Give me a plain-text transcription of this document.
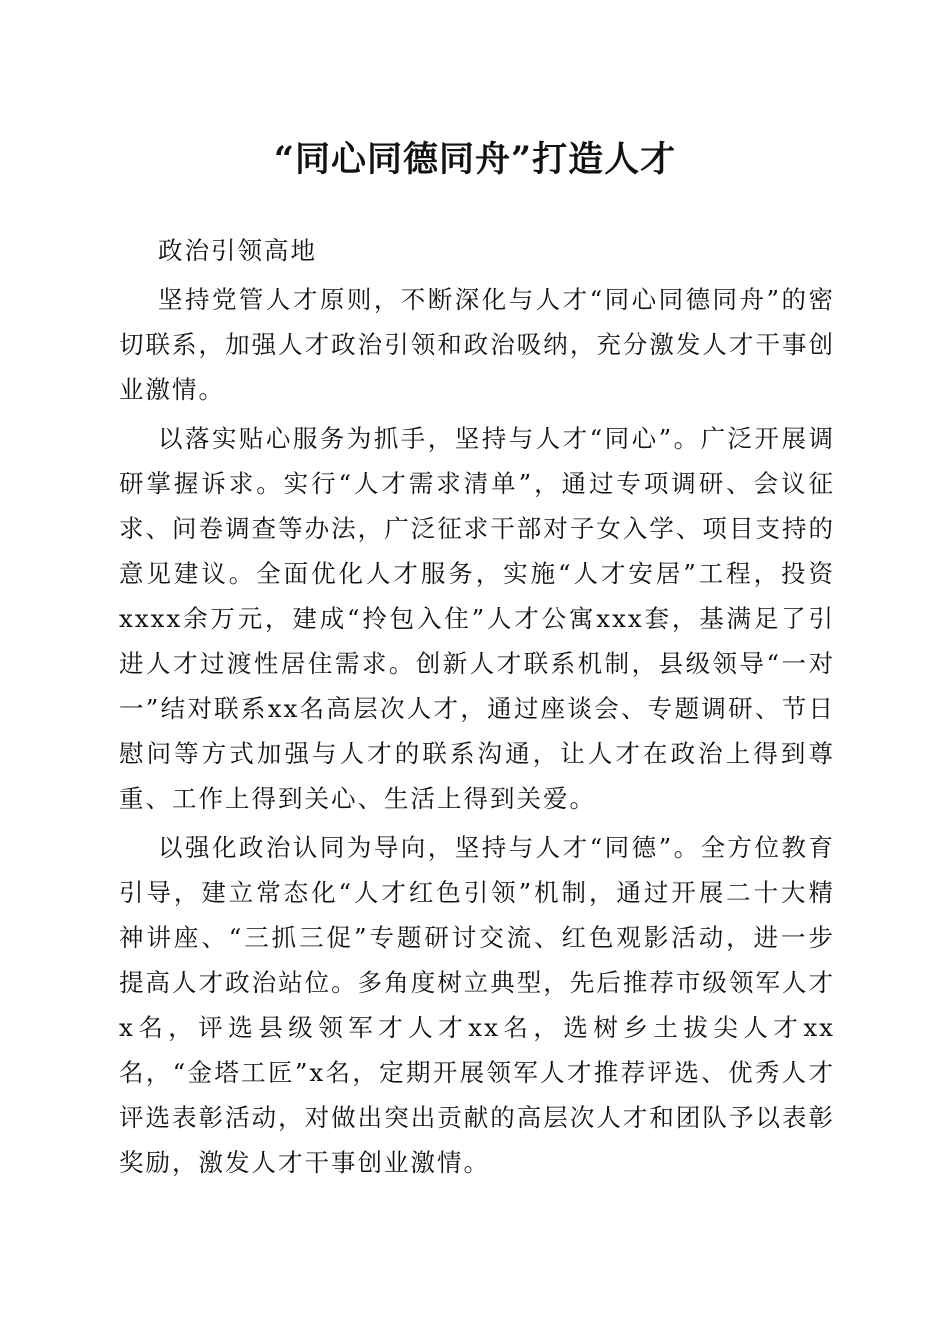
“同心同德同舟”打造人才

政治引领高地

坚持党管人才原则，不断深化与人才“同心同德同舟”的密切联系，加强人才政治引领和政治吸纳，充分激发人才干事创业激情。

以落实贴心服务为抓手，坚持与人才“同心”。广泛开展调研掌握诉求。实行“人才需求清单”，通过专项调研、会议征求、问卷调查等办法，广泛征求干部对子女入学、项目支持的意见建议。全面优化人才服务，实施“人才安居”工程，投资xxxx余万元，建成“拎包入住”人才公寓xxx套，基满足了引进人才过渡性居住需求。创新人才联系机制，县级领导“一对一”结对联系xx名高层次人才，通过座谈会、专题调研、节日慰问等方式加强与人才的联系沟通，让人才在政治上得到尊重、工作上得到关心、生活上得到关爱。

以强化政治认同为导向，坚持与人才“同德”。全方位教育引导，建立常态化“人才红色引领”机制，通过开展二十大精神讲座、“三抓三促”专题研讨交流、红色观影活动，进一步提高人才政治站位。多角度树立典型，先后推荐市级领军人才x名，评选县级领军才人才xx名，选树乡土拔尖人才xx名，“金塔工匠”x名，定期开展领军人才推荐评选、优秀人才评选表彰活动，对做出突出贡献的高层次人才和团队予以表彰奖励，激发人才干事创业激情。
